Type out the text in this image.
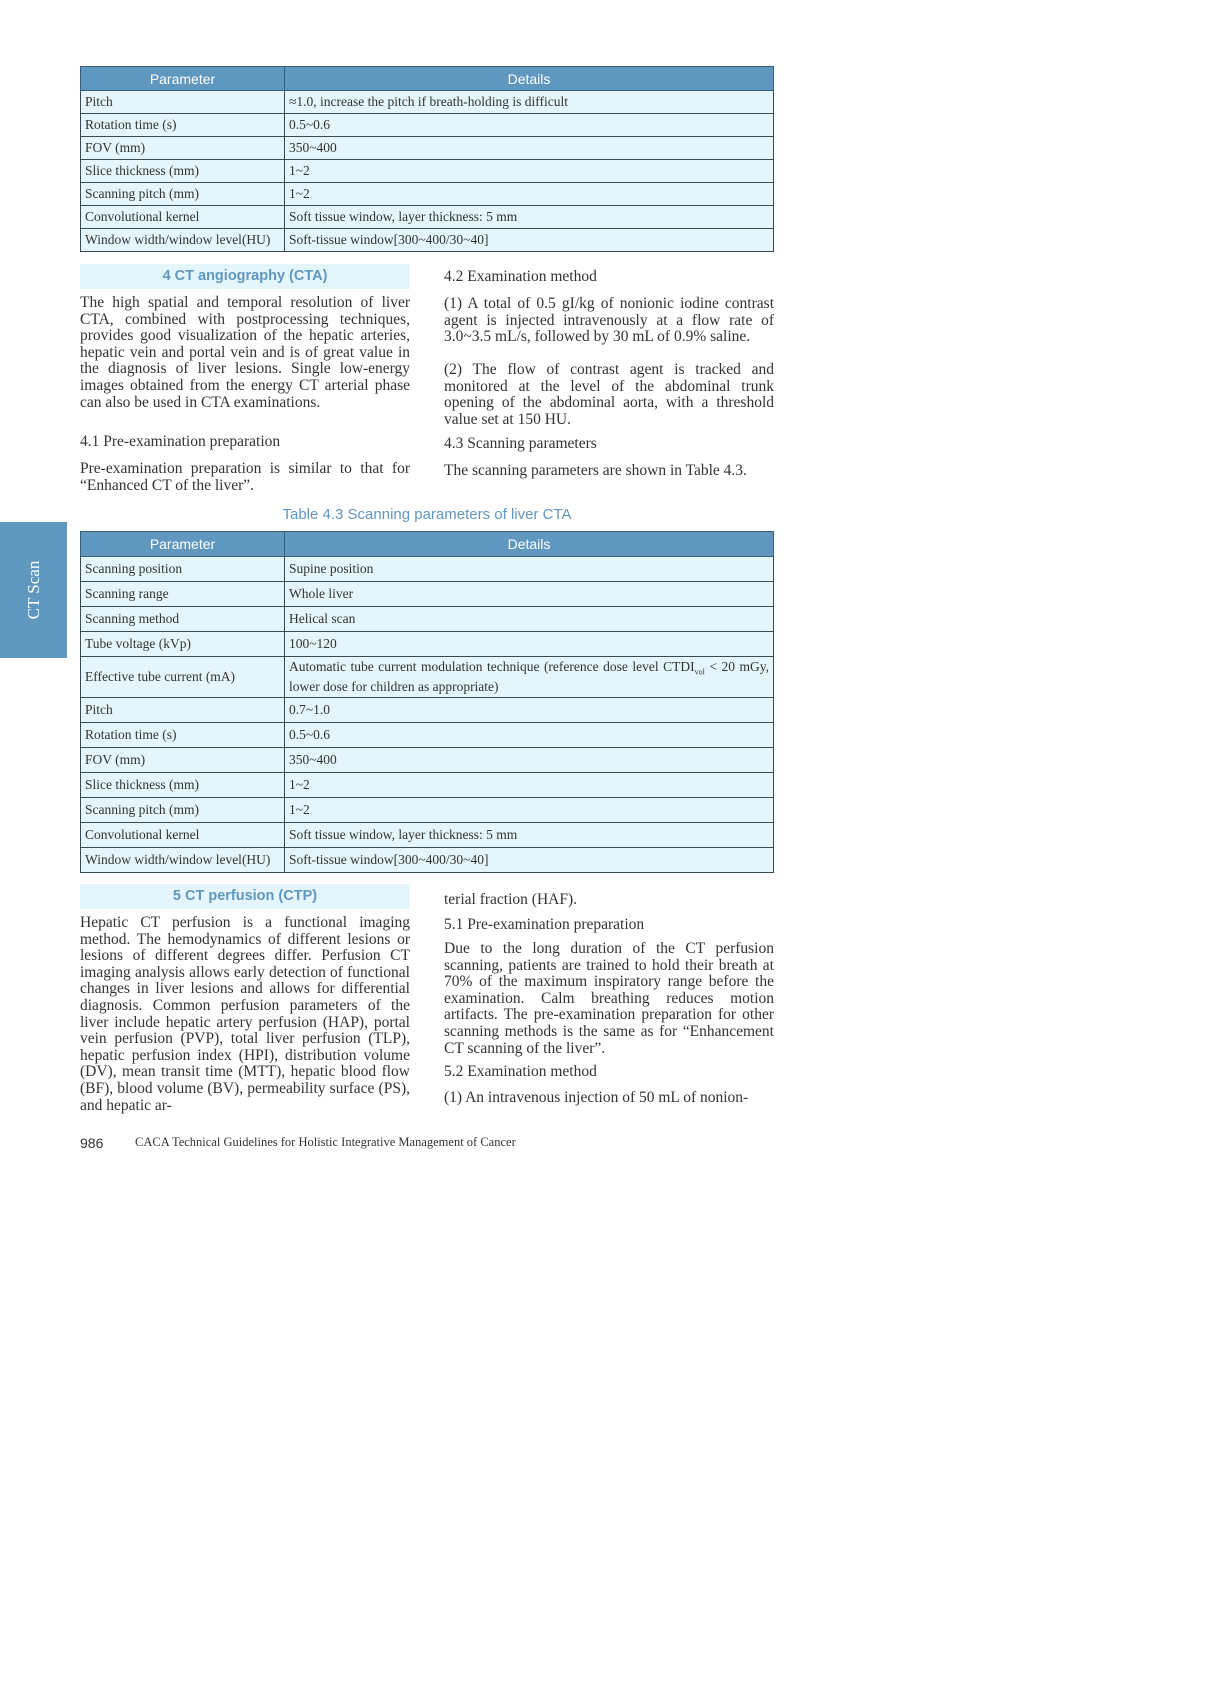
Parameter	Details
Pitch	≈1.0, increase the pitch if breath-holding is difficult
Rotation time (s)	0.5~0.6
FOV (mm)	350~400
Slice thickness (mm)	1~2
Scanning pitch (mm)	1~2
Convolutional kernel	Soft tissue window, layer thickness: 5 mm
Window width/window level(HU)	Soft-tissue window[300~400/30~40]
4 CT angiography (CTA)
The high spatial and temporal resolution of liver CTA, combined with postprocessing techniques, provides good visualization of the hepatic arteries, hepatic vein and portal vein and is of great value in the diagnosis of liver lesions. Single low-energy images obtained from the energy CT arterial phase can also be used in CTA examinations.
4.1 Pre-examination preparation
Pre-examination preparation is similar to that for “Enhanced CT of the liver”.
4.2 Examination method
(1) A total of 0.5 gI/kg of nonionic iodine contrast agent is injected intravenously at a flow rate of 3.0~3.5 mL/s, followed by 30 mL of 0.9% saline.
(2) The flow of contrast agent is tracked and monitored at the level of the abdominal trunk opening of the abdominal aorta, with a threshold value set at 150 HU.
4.3 Scanning parameters
The scanning parameters are shown in Table 4.3.
Table 4.3 Scanning parameters of liver CTA
Parameter	Details
Scanning position	Supine position
Scanning range	Whole liver
Scanning method	Helical scan
Tube voltage (kVp)	100~120
Effective tube current (mA)	Automatic tube current modulation technique (reference dose level $CTDI_{vol} < 20$ mGy, lower dose for children as appropriate)
Pitch	0.7~1.0
Rotation time (s)	0.5~0.6
FOV (mm)	350~400
Slice thickness (mm)	1~2
Scanning pitch (mm)	1~2
Convolutional kernel	Soft tissue window, layer thickness: 5 mm
Window width/window level(HU)	Soft-tissue window[300~400/30~40]
5 CT perfusion (CTP)
Hepatic CT perfusion is a functional imaging method. The hemodynamics of different lesions or lesions of different degrees differ. Perfusion CT imaging analysis allows early detection of functional changes in liver lesions and allows for differential diagnosis. Common perfusion parameters of the liver include hepatic artery perfusion (HAP), portal vein perfusion (PVP), total liver perfusion (TLP), hepatic perfusion index (HPI), distribution volume (DV), mean transit time (MTT), hepatic blood flow (BF), blood volume (BV), permeability surface (PS), and hepatic ar-
terial fraction (HAF).
5.1 Pre-examination preparation
Due to the long duration of the CT perfusion scanning, patients are trained to hold their breath at 70% of the maximum inspiratory range before the examination. Calm breathing reduces motion artifacts. The pre-examination preparation for other scanning methods is the same as for “Enhancement CT scanning of the liver”.
5.2 Examination method
(1) An intravenous injection of 50 mL of nonion-
CT Scan
986	CACA Technical Guidelines for Holistic Integrative Management of Cancer
